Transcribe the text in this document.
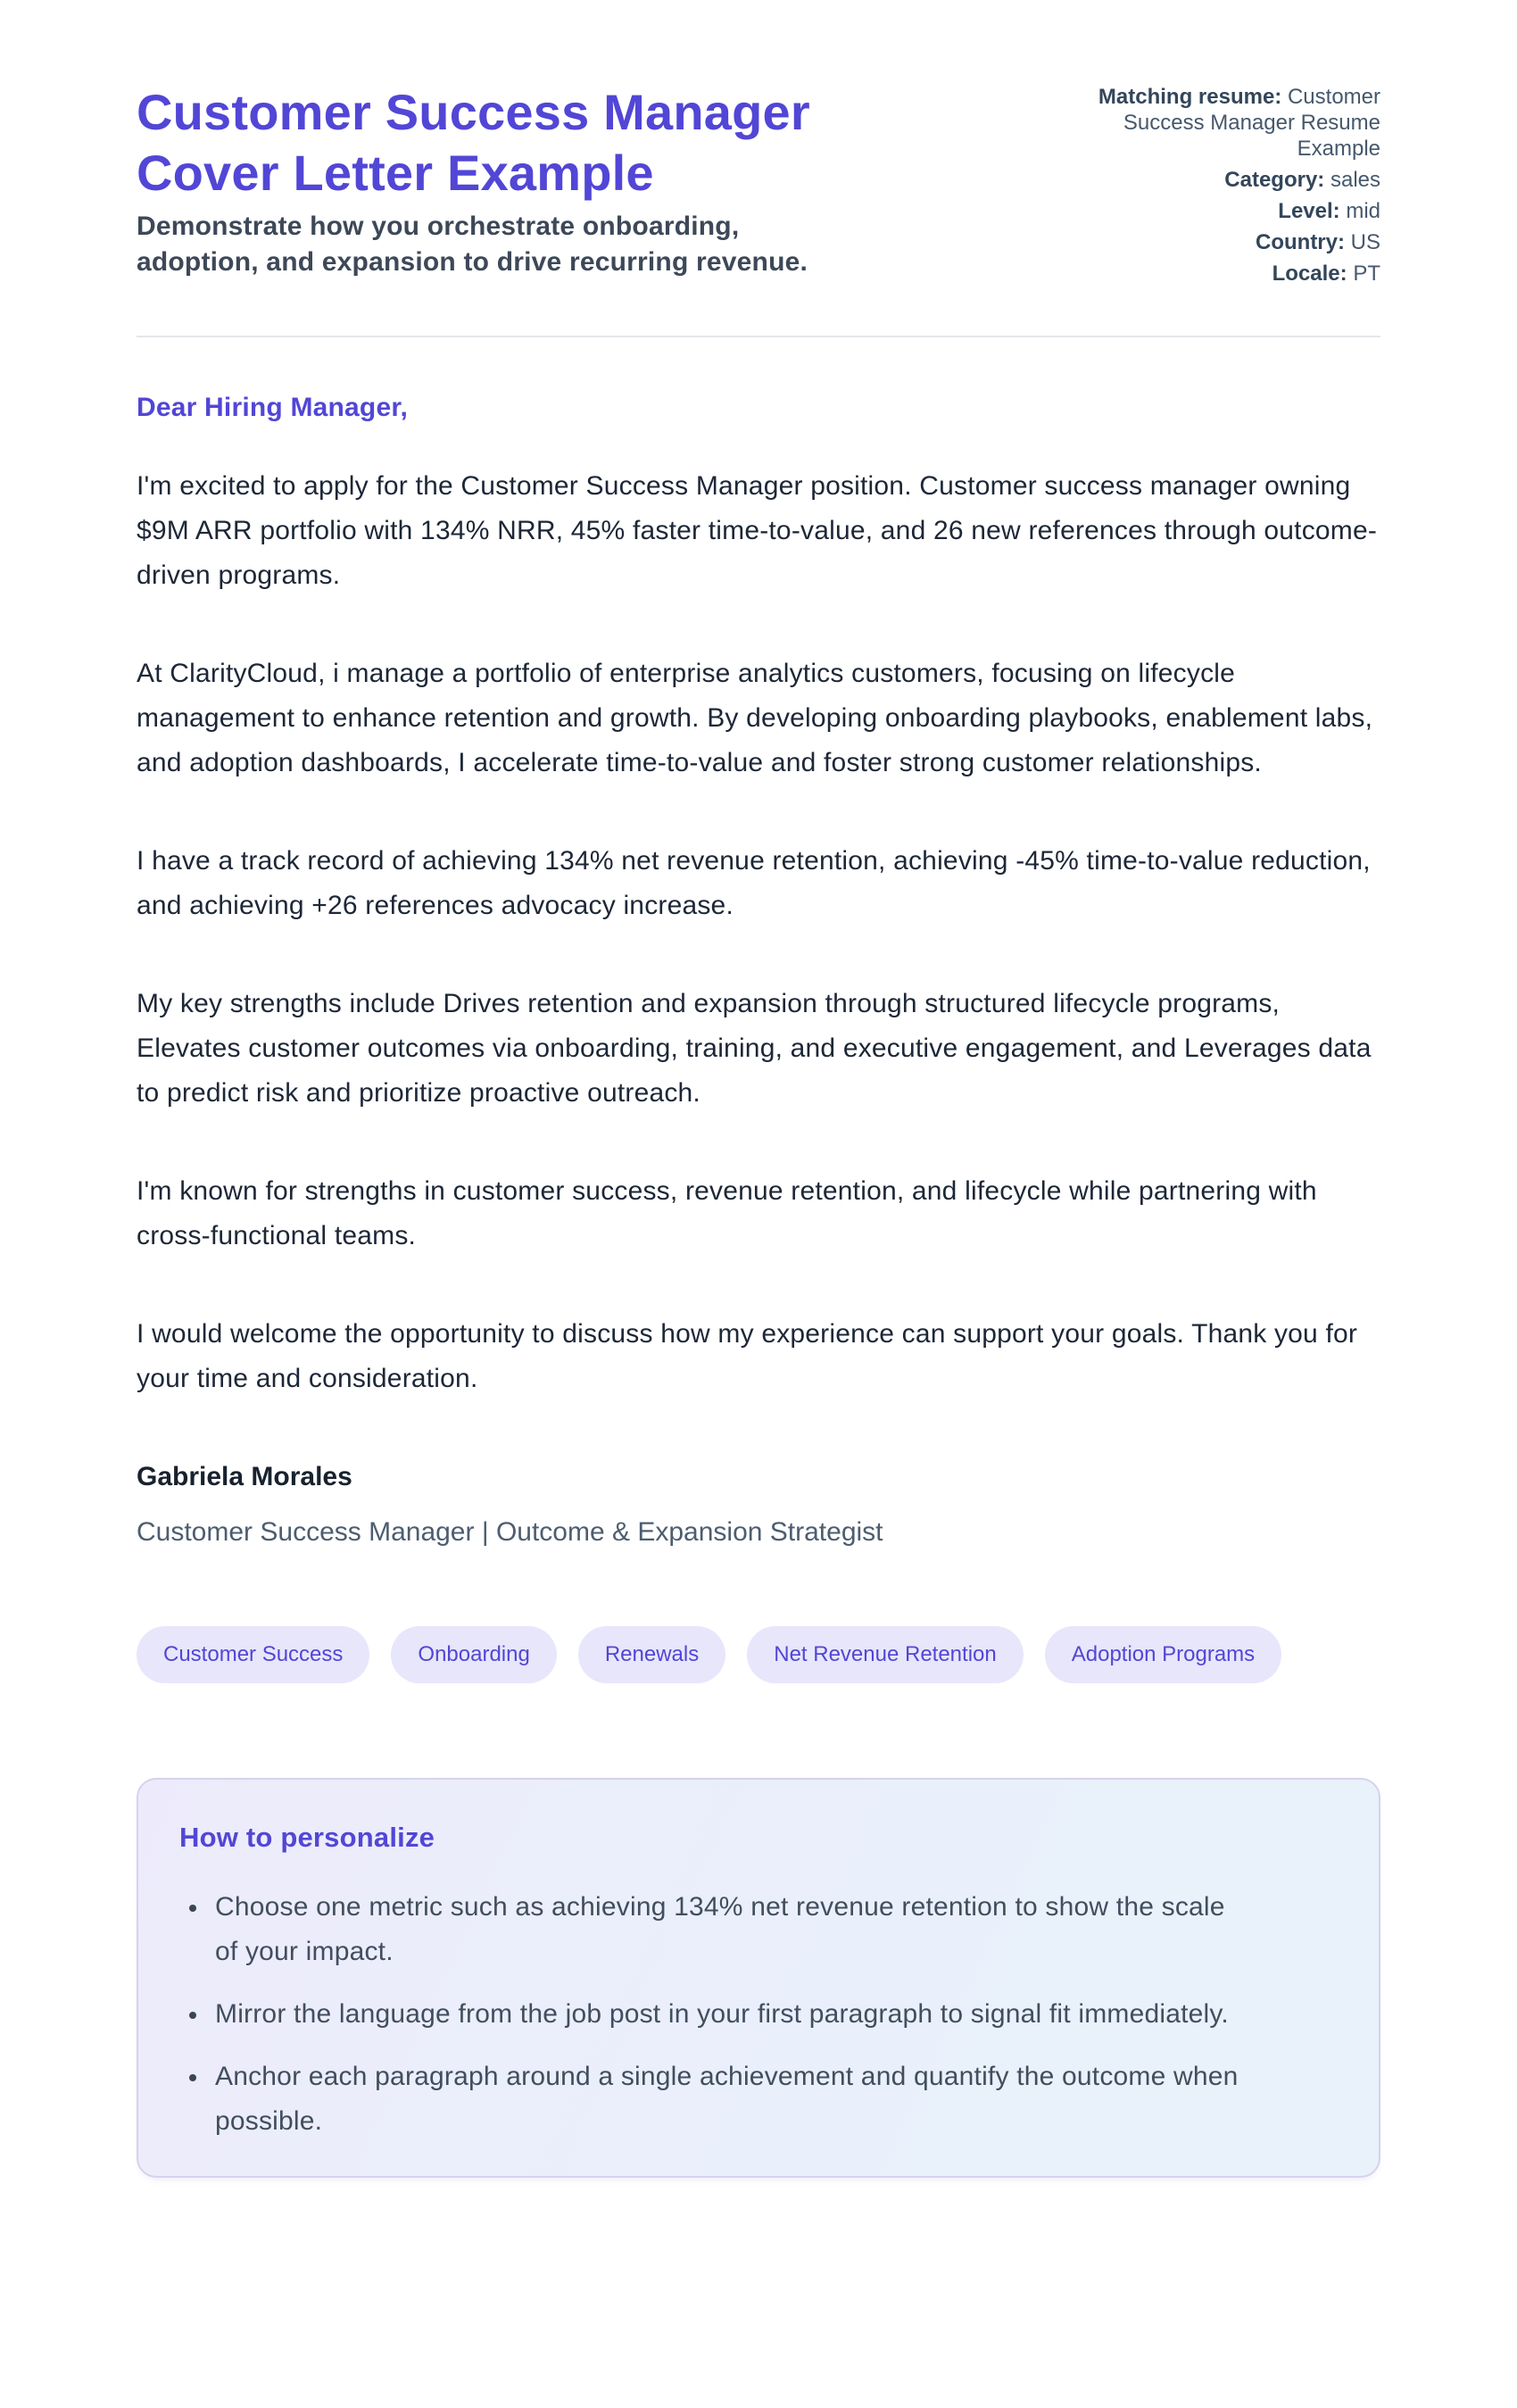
Customer Success Manager Cover Letter Example

Demonstrate how you orchestrate onboarding, adoption, and expansion to drive recurring revenue.

Matching resume: Customer Success Manager Resume Example
Category: sales
Level: mid
Country: US
Locale: PT

Dear Hiring Manager,

I'm excited to apply for the Customer Success Manager position. Customer success manager owning $9M ARR portfolio with 134% NRR, 45% faster time-to-value, and 26 new references through outcome-driven programs.

At ClarityCloud, i manage a portfolio of enterprise analytics customers, focusing on lifecycle management to enhance retention and growth. By developing onboarding playbooks, enablement labs, and adoption dashboards, I accelerate time-to-value and foster strong customer relationships.

I have a track record of achieving 134% net revenue retention, achieving -45% time-to-value reduction, and achieving +26 references advocacy increase.

My key strengths include Drives retention and expansion through structured lifecycle programs, Elevates customer outcomes via onboarding, training, and executive engagement, and Leverages data to predict risk and prioritize proactive outreach.

I'm known for strengths in customer success, revenue retention, and lifecycle while partnering with cross-functional teams.

I would welcome the opportunity to discuss how my experience can support your goals. Thank you for your time and consideration.

Gabriela Morales
Customer Success Manager | Outcome & Expansion Strategist
Customer Success	Onboarding	Renewals	Net Revenue Retention	Adoption Programs
How to personalize
• Choose one metric such as achieving 134% net revenue retention to show the scale of your impact.
• Mirror the language from the job post in your first paragraph to signal fit immediately.
• Anchor each paragraph around a single achievement and quantify the outcome when possible.
